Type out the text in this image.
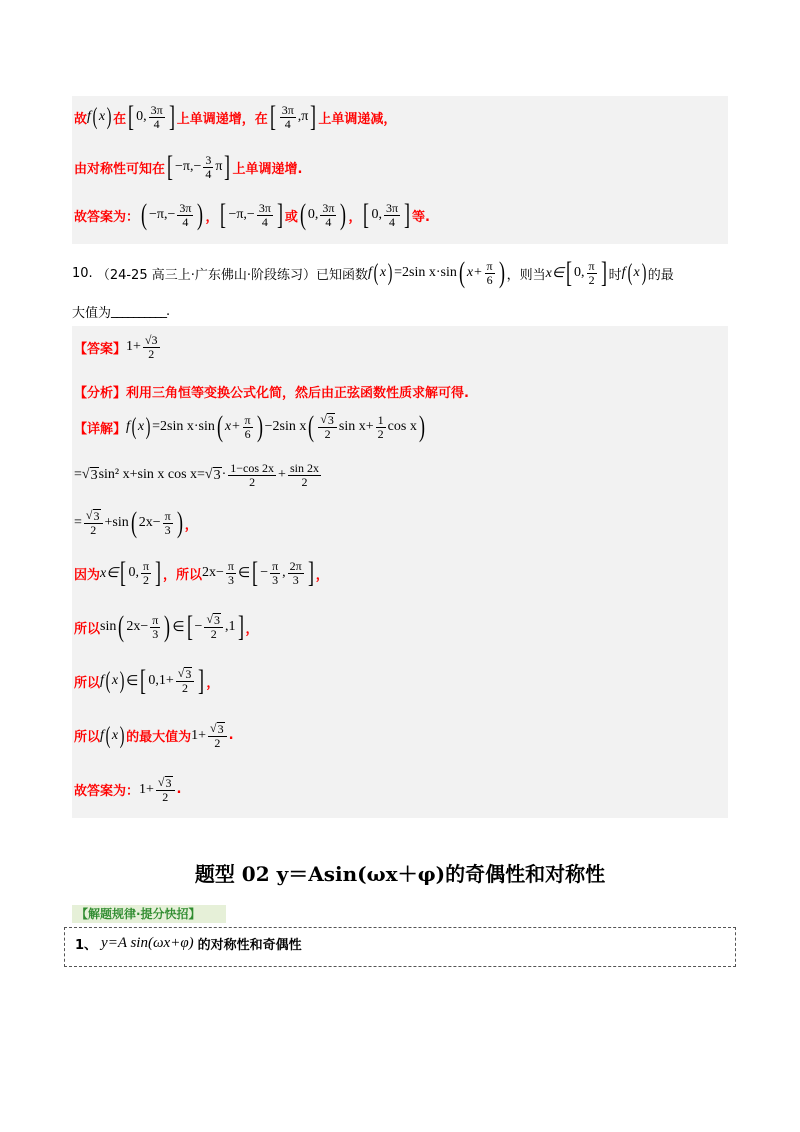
故 f ( x ) 在 [ 0, $\frac{3\pi}{4}$ ] 上单调递增，在 [ $\frac{3\pi}{4} ,\pi$ ] 上单调递减，
由对称性可知在 [ $-\pi,- \frac{3}{4}$ π ] 上单调递增.
故答案为： ( $-\pi,- \frac{3\pi}{4}$ ) ， [ $-\pi,- \frac{3\pi}{4}$ ] 或 ( 0, $\frac{3\pi}{4}$ ) ， [ 0, $\frac{3\pi}{4}$ ] 等.
10.
（24-25 高三上·广东佛山·阶段练习）已知函数 f ( x ) =2sin x·sin ( $x+ \frac{\pi}{6}$ ) ，则当 x∈ [ 0, $\frac{\pi}{2}$ ] 时 f ( x ) 的最
大值为 __________ .
【答案】 $1+ \frac{√3}{2}$
【分析】 利用三角恒等变换公式化简，然后由正弦函数性质求解可得.
【详解】 f ( x ) =2sin x·sin ( $x+ \frac{\pi}{6}$ ) −2sin x ( $\frac{√ 3}{2}$ $\sin x+ \frac{1}{2}$ cos x )
= √ 3 sin² x+sin x cos x= √ $3 \cdot \frac{1-\cos 2x}{2} + \frac{\sin 2x}{2}$
= $\frac{√ 3}{2} +\sin$ ( $2x- \frac{\pi}{3}$ ) ，
因为 x∈ [ 0, $\frac{\pi}{2}$ ] ，所以 $2x- \frac{\pi}{3}$ ∈ [ − $\frac{\pi}{3}$ , $\frac{2\pi}{3}$ ] ，
所以 sin ( $2x- \frac{\pi}{3}$ ) ∈ [ − $\frac{√ 3}{2} ,1$ ] ，
所以 f ( x ) ∈ [ $0,1+ \frac{√ 3}{2}$ ] ，
所以 f ( x ) 的最大值为 $1+ \frac{√ 3}{2}$ .
故答案为： $1+ \frac{√ 3}{2}$ .
题型 02 y＝Asin(ωx＋φ)的奇偶性和对称性
【解题规律·提分快招】
1、 y=A sin(ωx+φ) 的对称性和奇偶性
